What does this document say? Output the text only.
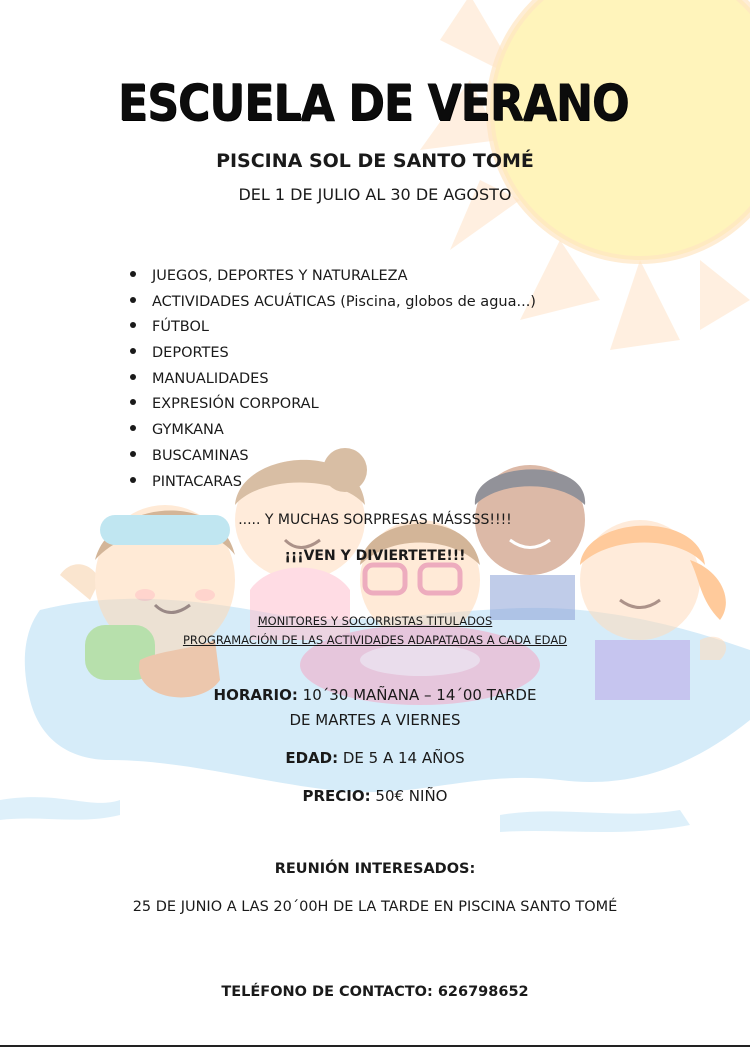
ESCUELA DE VERANO
PISCINA SOL DE SANTO TOMÉ
DEL 1 DE JULIO AL 30 DE AGOSTO
JUEGOS, DEPORTES Y NATURALEZA
ACTIVIDADES ACUÁTICAS (Piscina, globos de agua...)
FÚTBOL
DEPORTES
MANUALIDADES
EXPRESIÓN CORPORAL
GYMKANA
BUSCAMINAS
PINTACARAS
..... Y MUCHAS SORPRESAS MÁSSSS!!!!
¡¡¡VEN Y DIVIERTETE!!!
MONITORES Y SOCORRISTAS TITULADOS
PROGRAMACIÓN DE LAS ACTIVIDADES ADAPATADAS A CADA EDAD
HORARIO: 10´30 MAÑANA – 14´00 TARDE
DE MARTES A VIERNES
EDAD: DE 5 A 14 AÑOS
PRECIO: 50€ NIÑO
REUNIÓN INTERESADOS:
25 DE JUNIO A LAS 20´00H DE LA TARDE EN PISCINA SANTO TOMÉ
TELÉFONO DE CONTACTO: 626798652
